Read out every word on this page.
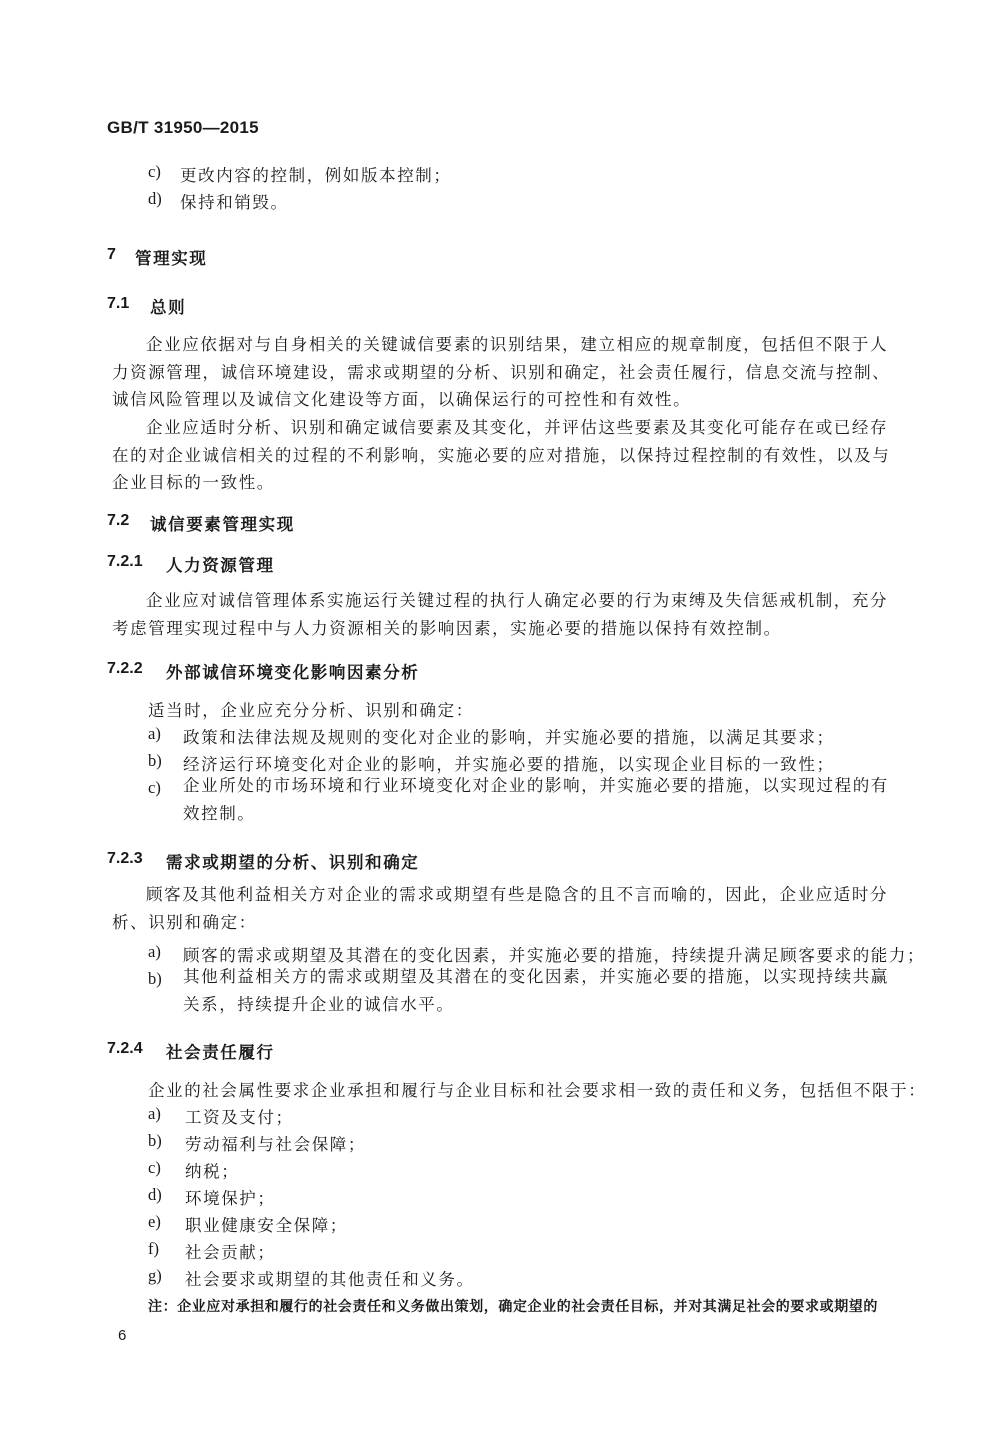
GB/T 31950—2015
c) 更改内容的控制，例如版本控制；
d) 保持和销毁。
7 管理实现
7.1 总则
企业应依据对与自身相关的关键诚信要素的识别结果，建立相应的规章制度，包括但不限于人力资源管理，诚信环境建设，需求或期望的分析、识别和确定，社会责任履行，信息交流与控制、诚信风险管理以及诚信文化建设等方面，以确保运行的可控性和有效性。
企业应适时分析、识别和确定诚信要素及其变化，并评估这些要素及其变化可能存在或已经存在的对企业诚信相关的过程的不利影响，实施必要的应对措施，以保持过程控制的有效性，以及与企业目标的一致性。
7.2 诚信要素管理实现
7.2.1 人力资源管理
企业应对诚信管理体系实施运行关键过程的执行人确定必要的行为束缚及失信惩戒机制，充分考虑管理实现过程中与人力资源相关的影响因素，实施必要的措施以保持有效控制。
7.2.2 外部诚信环境变化影响因素分析
适当时，企业应充分分析、识别和确定：
a) 政策和法律法规及规则的变化对企业的影响，并实施必要的措施，以满足其要求；
b) 经济运行环境变化对企业的影响，并实施必要的措施，以实现企业目标的一致性；
c) 企业所处的市场环境和行业环境变化对企业的影响，并实施必要的措施，以实现过程的有效控制。
7.2.3 需求或期望的分析、识别和确定
顾客及其他利益相关方对企业的需求或期望有些是隐含的且不言而喻的，因此，企业应适时分析、识别和确定：
a) 顾客的需求或期望及其潜在的变化因素，并实施必要的措施，持续提升满足顾客要求的能力；
b) 其他利益相关方的需求或期望及其潜在的变化因素，并实施必要的措施，以实现持续共赢关系，持续提升企业的诚信水平。
7.2.4 社会责任履行
企业的社会属性要求企业承担和履行与企业目标和社会要求相一致的责任和义务，包括但不限于：
a) 工资及支付；
b) 劳动福利与社会保障；
c) 纳税；
d) 环境保护；
e) 职业健康安全保障；
f) 社会贡献；
g) 社会要求或期望的其他责任和义务。
注：企业应对承担和履行的社会责任和义务做出策划，确定企业的社会责任目标，并对其满足社会的要求或期望的
6
